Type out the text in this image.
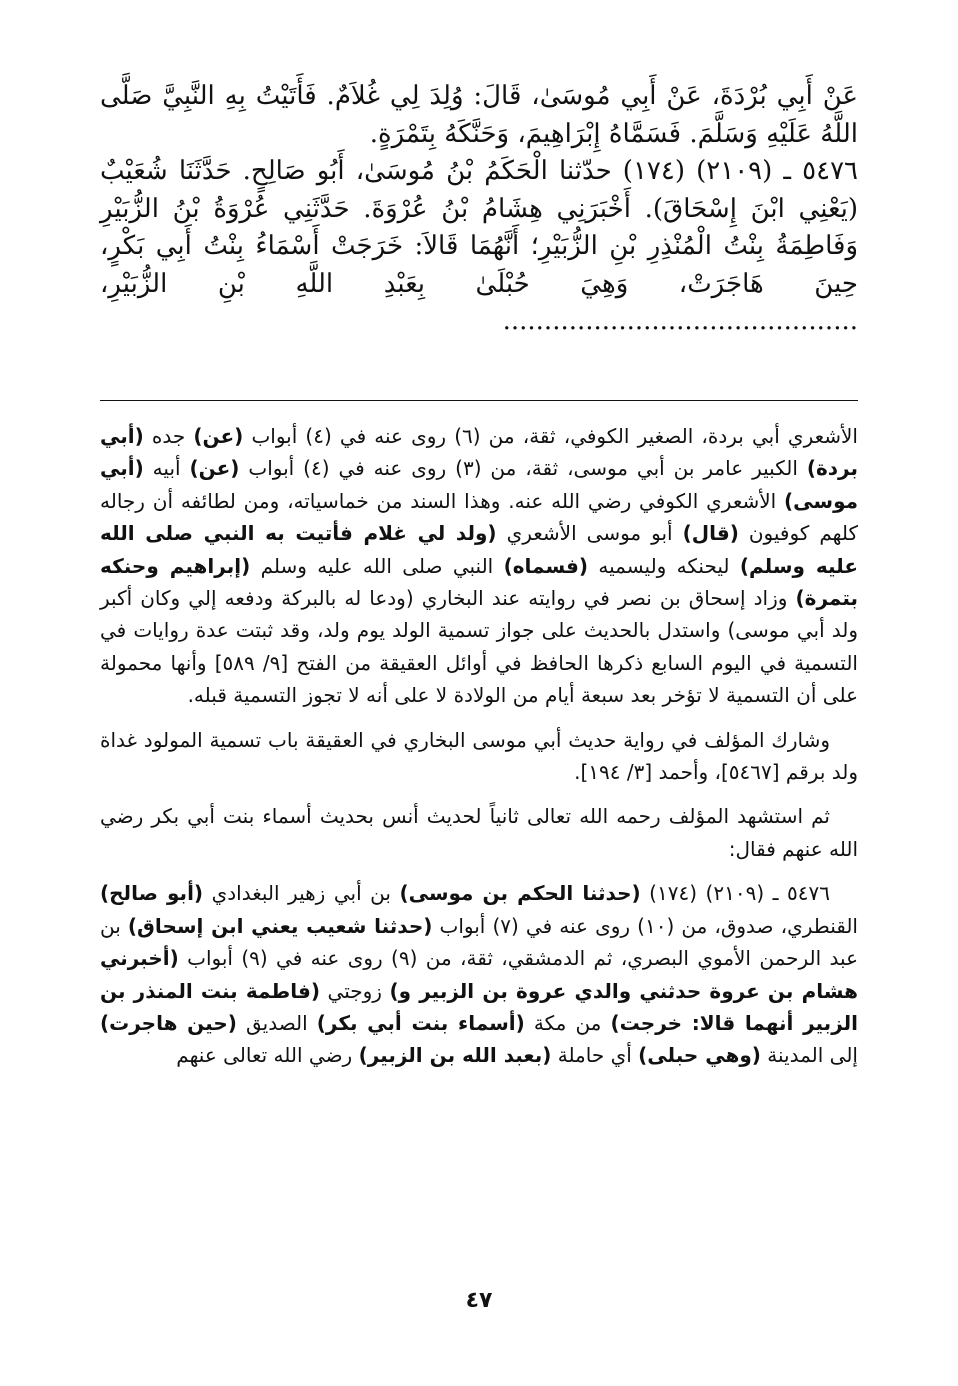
عَنْ أَبِي بُرْدَةَ، عَنْ أَبِي مُوسَىٰ، قَالَ: وُلِدَ لِي غُلاَمٌ. فَأَتَيْتُ بِهِ النَّبِيَّ صَلَّى اللَّهُ عَلَيْهِ وَسَلَّمَ. فَسَمَّاهُ إِبْرَاهِيمَ، وَحَنَّكَهُ بِتَمْرَةٍ.

٥٤٧٦ ـ (٢١٠٩) (١٧٤) حدّثنا الْحَكَمُ بْنُ مُوسَىٰ، أَبُو صَالِحٍ. حَدَّثَنَا شُعَيْبٌ (يَعْنِي ابْنَ إِسْحَاقَ). أَخْبَرَنِي هِشَامُ بْنُ عُرْوَةَ. حَدَّثَنِي عُرْوَةُ بْنُ الزُّبَيْرِ وَفَاطِمَةُ بِنْتُ الْمُنْذِرِ بْنِ الزُّبَيْرِ؛ أَنَّهُمَا قَالاَ: خَرَجَتْ أَسْمَاءُ بِنْتُ أَبِي بَكْرٍ، حِينَ هَاجَرَتْ، وَهِيَ حُبْلَىٰ بِعَبْدِ اللَّهِ بْنِ الزُّبَيْرِ، ...........................................

الأشعري أبي بردة، الصغير الكوفي، ثقة، من (٦) روى عنه في (٤) أبواب (عن) جده (أبي بردة) الكبير عامر بن أبي موسى، ثقة، من (٣) روى عنه في (٤) أبواب (عن) أبيه (أبي موسى) الأشعري الكوفي رضي الله عنه. وهذا السند من خماسياته، ومن لطائفه أن رجاله كلهم كوفيون (قال) أبو موسى الأشعري (ولد لي غلام فأتيت به النبي صلى الله عليه وسلم) ليحنكه وليسميه (فسماه) النبي صلى الله عليه وسلم (إبراهيم وحنكه بتمرة) وزاد إسحاق بن نصر في روايته عند البخاري (ودعا له بالبركة ودفعه إلي وكان أكبر ولد أبي موسى) واستدل بالحديث على جواز تسمية الولد يوم ولد، وقد ثبتت عدة روايات في التسمية في اليوم السابع ذكرها الحافظ في أوائل العقيقة من الفتح [٩/ ٥٨٩] وأنها محمولة على أن التسمية لا تؤخر بعد سبعة أيام من الولادة لا على أنه لا تجوز التسمية قبله.

وشارك المؤلف في رواية حديث أبي موسى البخاري في العقيقة باب تسمية المولود غداة ولد برقم [٥٤٦٧]، وأحمد [٣/ ١٩٤].

ثم استشهد المؤلف رحمه الله تعالى ثانياً لحديث أنس بحديث أسماء بنت أبي بكر رضي الله عنهم فقال:

٥٤٧٦ ـ (٢١٠٩) (١٧٤) (حدثنا الحكم بن موسى) بن أبي زهير البغدادي (أبو صالح) القنطري، صدوق، من (١٠) روى عنه في (٧) أبواب (حدثنا شعيب يعني ابن إسحاق) بن عبد الرحمن الأموي البصري، ثم الدمشقي، ثقة، من (٩) روى عنه في (٩) أبواب (أخبرني هشام بن عروة حدثني والدي عروة بن الزبير و) زوجتي (فاطمة بنت المنذر بن الزبير أنهما قالا: خرجت) من مكة (أسماء بنت أبي بكر) الصديق (حين هاجرت) إلى المدينة (وهي حبلى) أي حاملة (بعبد الله بن الزبير) رضي الله تعالى عنهم

٤٧
